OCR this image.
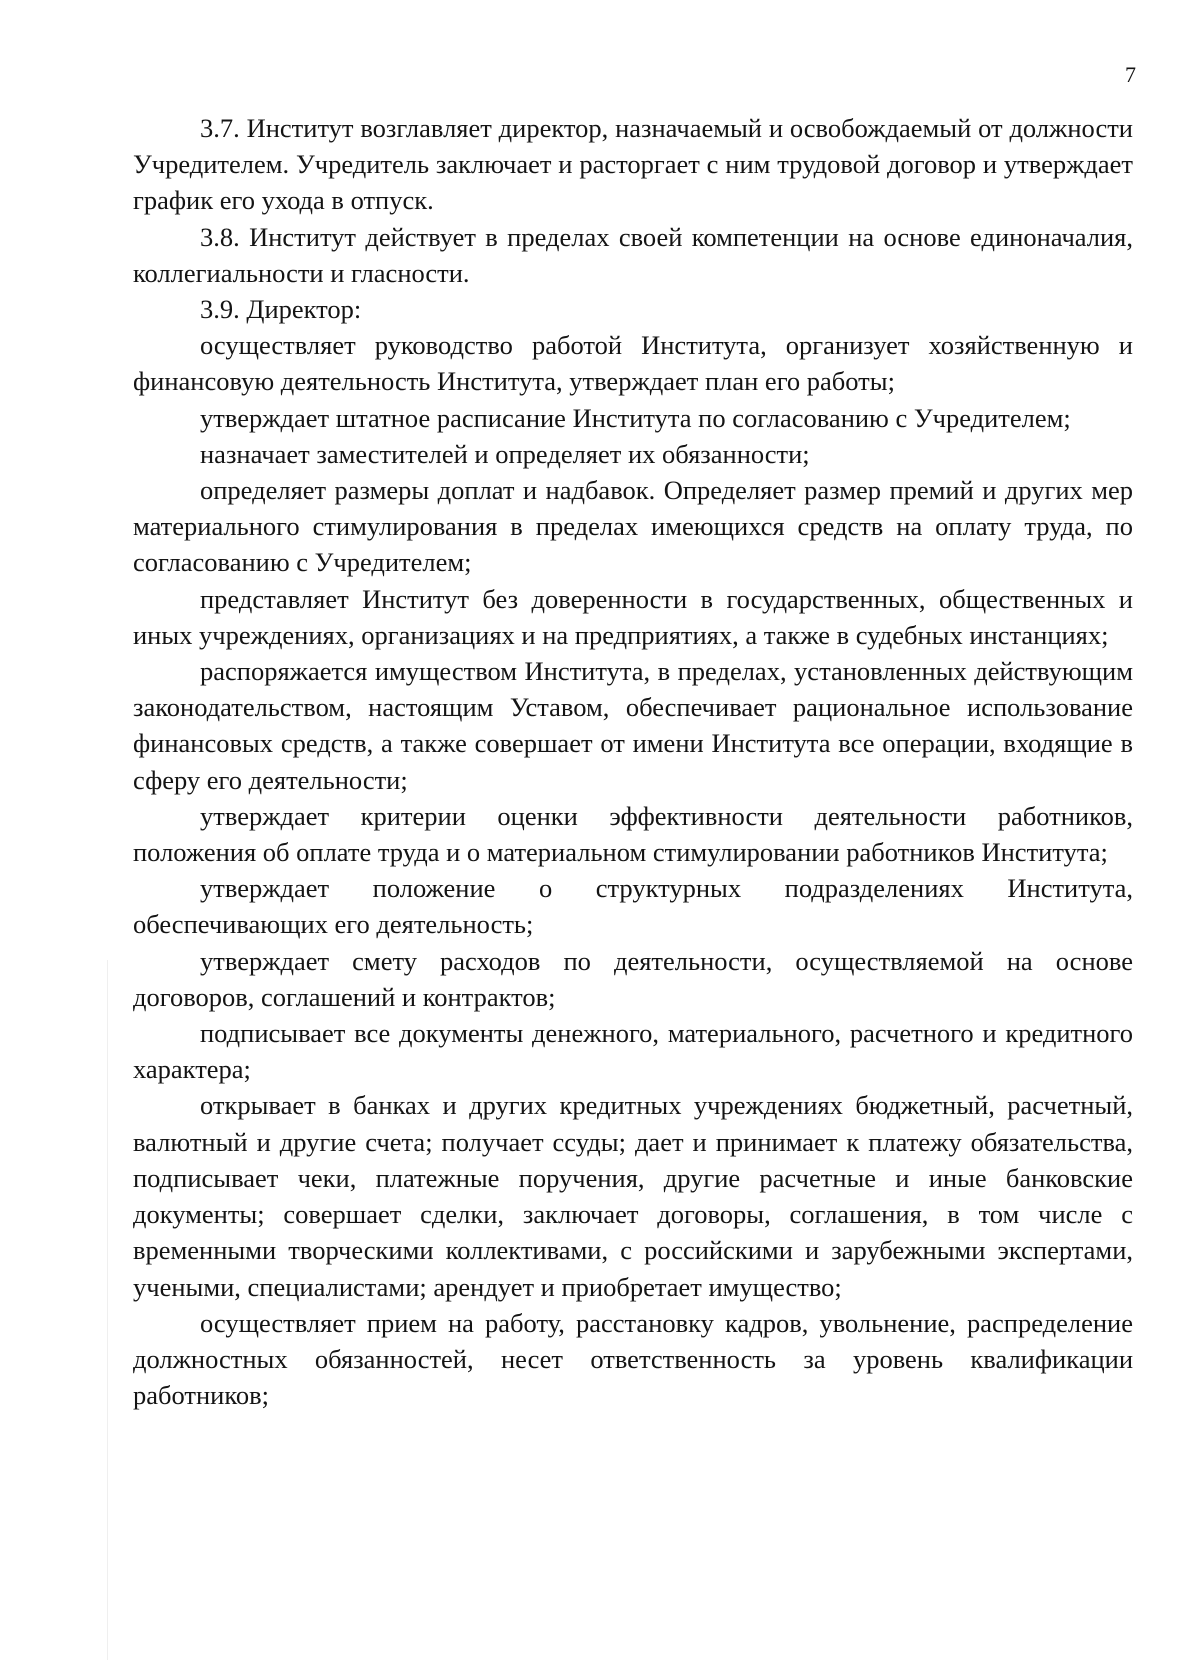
7

3.7. Институт возглавляет директор, назначаемый и освобождаемый от должности Учредителем. Учредитель заключает и расторгает с ним трудовой договор и утверждает график его ухода в отпуск.

3.8. Институт действует в пределах своей компетенции на основе единоначалия, коллегиальности и гласности.

3.9. Директор:

осуществляет руководство работой Института, организует хозяйственную и финансовую деятельность Института, утверждает план его работы;

утверждает штатное расписание Института по согласованию с Учредителем;

назначает заместителей и определяет их обязанности;

определяет размеры доплат и надбавок. Определяет размер премий и других мер материального стимулирования в пределах имеющихся средств на оплату труда, по согласованию с Учредителем;

представляет Институт без доверенности в государственных, общественных и иных учреждениях, организациях и на предприятиях, а также в судебных инстанциях;

распоряжается имуществом Института, в пределах, установленных действующим законодательством, настоящим Уставом, обеспечивает рациональное использование финансовых средств, а также совершает от имени Института все операции, входящие в сферу его деятельности;

утверждает критерии оценки эффективности деятельности работников, положения об оплате труда и о материальном стимулировании работников Института;

утверждает положение о структурных подразделениях Института, обеспечивающих его деятельность;

утверждает смету расходов по деятельности, осуществляемой на основе договоров, соглашений и контрактов;

подписывает все документы денежного, материального, расчетного и кредитного характера;

открывает в банках и других кредитных учреждениях бюджетный, расчетный, валютный и другие счета; получает ссуды; дает и принимает к платежу обязательства, подписывает чеки, платежные поручения, другие расчетные и иные банковские документы; совершает сделки, заключает договоры, соглашения, в том числе с временными творческими коллективами, с российскими и зарубежными экспертами, учеными, специалистами; арендует и приобретает имущество;

осуществляет прием на работу, расстановку кадров, увольнение, распределение должностных обязанностей, несет ответственность за уровень квалификации работников;
